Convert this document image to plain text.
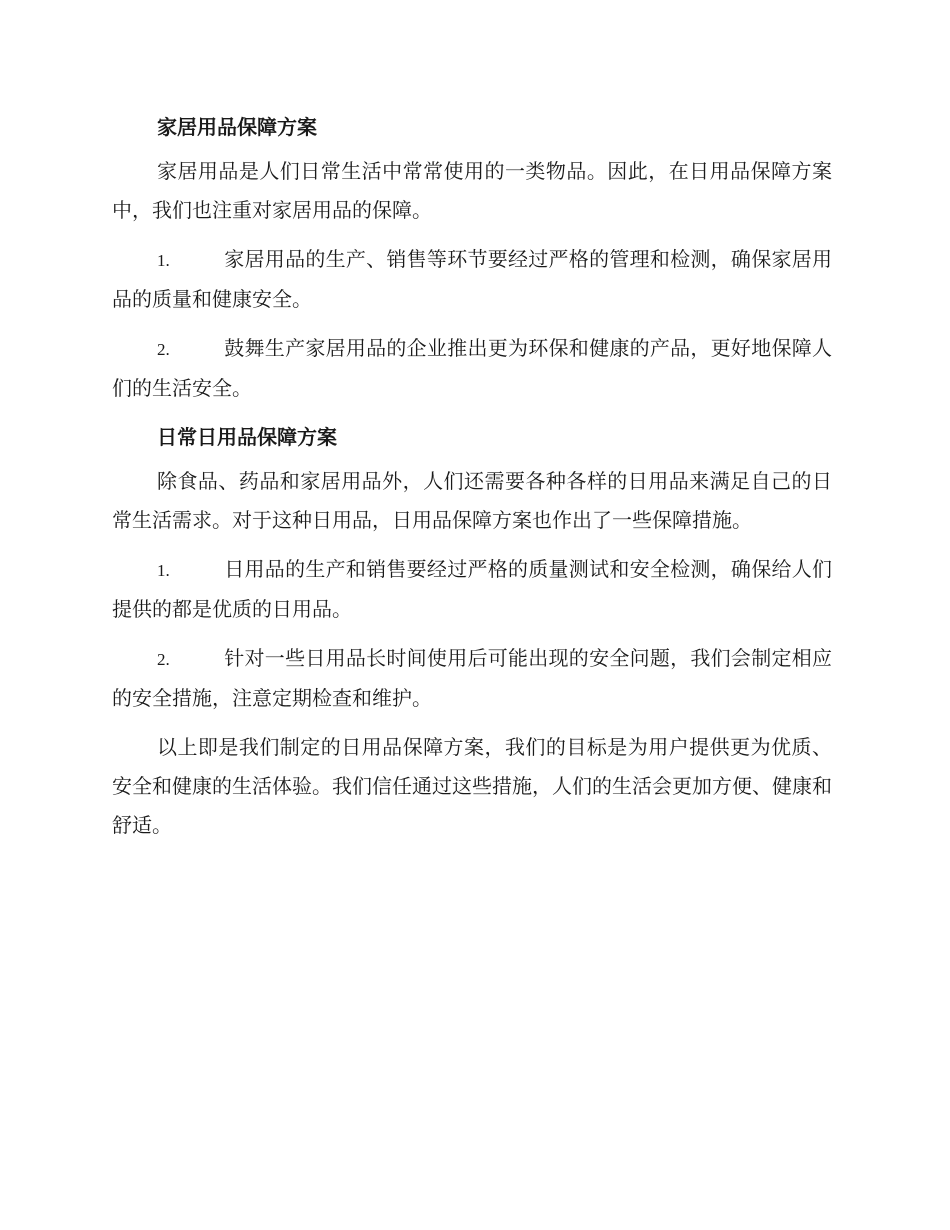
家居用品保障方案

家居用品是人们日常生活中常常使用的一类物品。因此，在日用品保障方案中，我们也注重对家居用品的保障。

1.	家居用品的生产、销售等环节要经过严格的管理和检测，确保家居用品的质量和健康安全。
2.	鼓舞生产家居用品的企业推出更为环保和健康的产品，更好地保障人们的生活安全。
日常日用品保障方案

除食品、药品和家居用品外，人们还需要各种各样的日用品来满足自己的日常生活需求。对于这种日用品，日用品保障方案也作出了一些保障措施。

1.	日用品的生产和销售要经过严格的质量测试和安全检测，确保给人们提供的都是优质的日用品。
2.	针对一些日用品长时间使用后可能出现的安全问题，我们会制定相应的安全措施，注意定期检查和维护。

以上即是我们制定的日用品保障方案，我们的目标是为用户提供更为优质、安全和健康的生活体验。我们信任通过这些措施，人们的生活会更加方便、健康和舒适。
